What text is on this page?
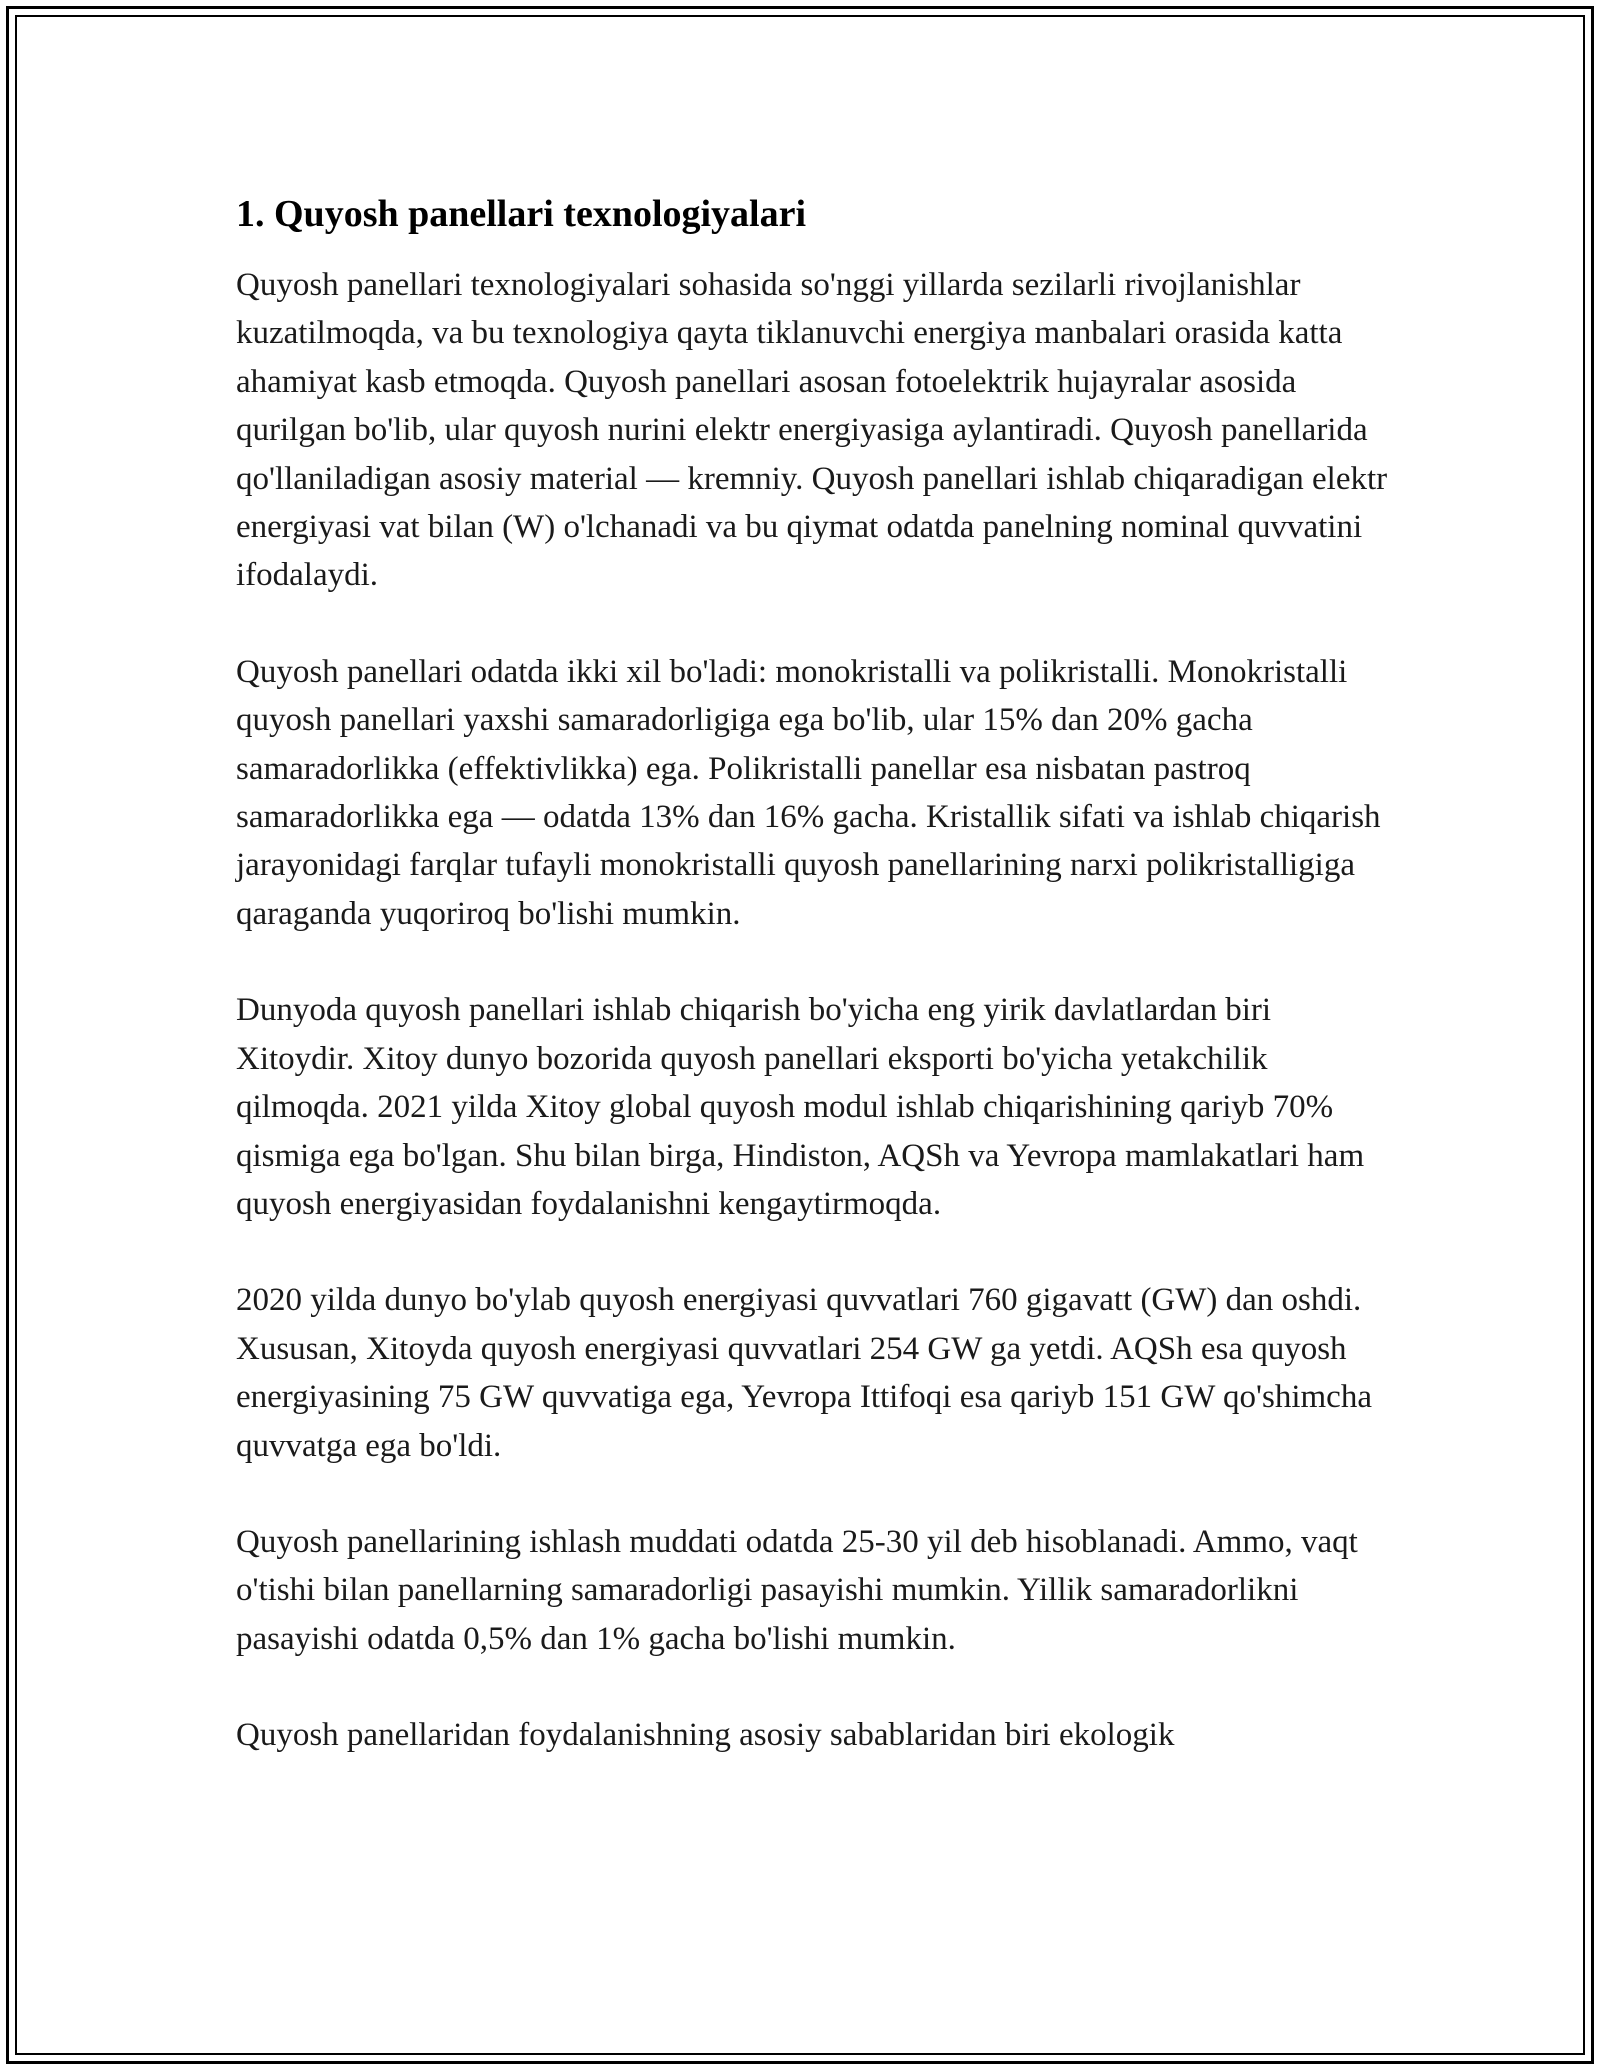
1. Quyosh panellari texnologiyalari

Quyosh panellari texnologiyalari sohasida so'nggi yillarda sezilarli rivojlanishlar kuzatilmoqda, va bu texnologiya qayta tiklanuvchi energiya manbalari orasida katta ahamiyat kasb etmoqda. Quyosh panellari asosan fotoelektrik hujayralar asosida qurilgan bo'lib, ular quyosh nurini elektr energiyasiga aylantiradi. Quyosh panellarida qo'llaniladigan asosiy material — kremniy. Quyosh panellari ishlab chiqaradigan elektr energiyasi vat bilan (W) o'lchanadi va bu qiymat odatda panelning nominal quvvatini ifodalaydi.

Quyosh panellari odatda ikki xil bo'ladi: monokristalli va polikristalli. Monokristalli quyosh panellari yaxshi samaradorligiga ega bo'lib, ular 15% dan 20% gacha samaradorlikka (effektivlikka) ega. Polikristalli panellar esa nisbatan pastroq samaradorlikka ega — odatda 13% dan 16% gacha. Kristallik sifati va ishlab chiqarish jarayonidagi farqlar tufayli monokristalli quyosh panellarining narxi polikristalligiga qaraganda yuqoriroq bo'lishi mumkin.

Dunyoda quyosh panellari ishlab chiqarish bo'yicha eng yirik davlatlardan biri Xitoydir. Xitoy dunyo bozorida quyosh panellari eksporti bo'yicha yetakchilik qilmoqda. 2021 yilda Xitoy global quyosh modul ishlab chiqarishining qariyb 70% qismiga ega bo'lgan. Shu bilan birga, Hindiston, AQSh va Yevropa mamlakatlari ham quyosh energiyasidan foydalanishni kengaytirmoqda.

2020 yilda dunyo bo'ylab quyosh energiyasi quvvatlari 760 gigavatt (GW) dan oshdi. Xususan, Xitoyda quyosh energiyasi quvvatlari 254 GW ga yetdi. AQSh esa quyosh energiyasining 75 GW quvvatiga ega, Yevropa Ittifoqi esa qariyb 151 GW qo'shimcha quvvatga ega bo'ldi.

Quyosh panellarining ishlash muddati odatda 25-30 yil deb hisoblanadi. Ammo, vaqt o'tishi bilan panellarning samaradorligi pasayishi mumkin. Yillik samaradorlikni pasayishi odatda 0,5% dan 1% gacha bo'lishi mumkin.

Quyosh panellaridan foydalanishning asosiy sabablaridan biri ekologik
